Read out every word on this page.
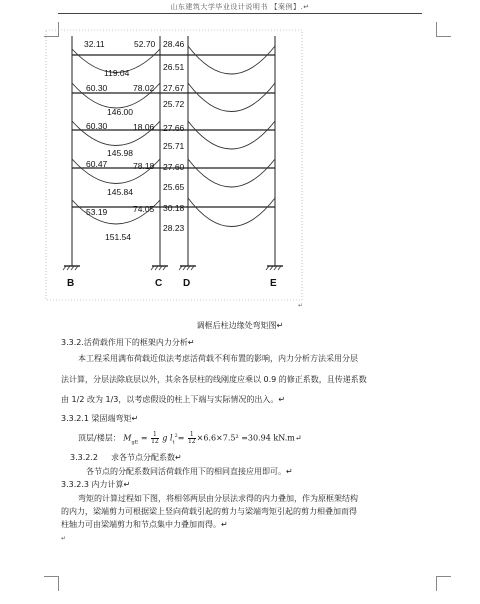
山东建筑大学毕业设计说明书 【案例】.↵
32.11	52.70
119.04
60.30	78.02
146.00
60.30	18.06
145.98
60.47	78.18
145.84
53.19	74.05
151.54
28.46
26.51
27.67
25.72
27.66
25.71
27.60
25.65
30.18
28.23
B	C D	E
↵
调框后柱边缘处弯矩图↵
3.3.2.活荷载作用下的框架内力分析↵
本工程采用满布荷载近似法考虑活荷载不利布置的影响，内力分析方法采用分层
法计算，分层法除底层以外，其余各层柱的线刚度应乘以 0.9 的修正系数，且传递系数
由 1/2 改为 1/3，以考虑假设的柱上下端与实际情况的出入。↵
3.3.2.1 梁固端弯矩↵
顶层/楼层： $M_{gE} = \frac{1}{12}$ g $l_t^2= \frac{1}{12} \times 6.6\times 7.5^2 =30.94$ kN.m↵
3.3.2.2 求各节点分配系数↵
各节点的分配系数同活荷载作用下的相同直接应用即可。↵
3.3.2.3 内力计算↵
弯矩的计算过程如下图，将相邻两层由分层法求得的内力叠加，作为原框架结构
的内力，梁端剪力可根据梁上竖向荷载引起的剪力与梁端弯矩引起的剪力相叠加而得
柱轴力可由梁端剪力和节点集中力叠加而得。↵
↵
